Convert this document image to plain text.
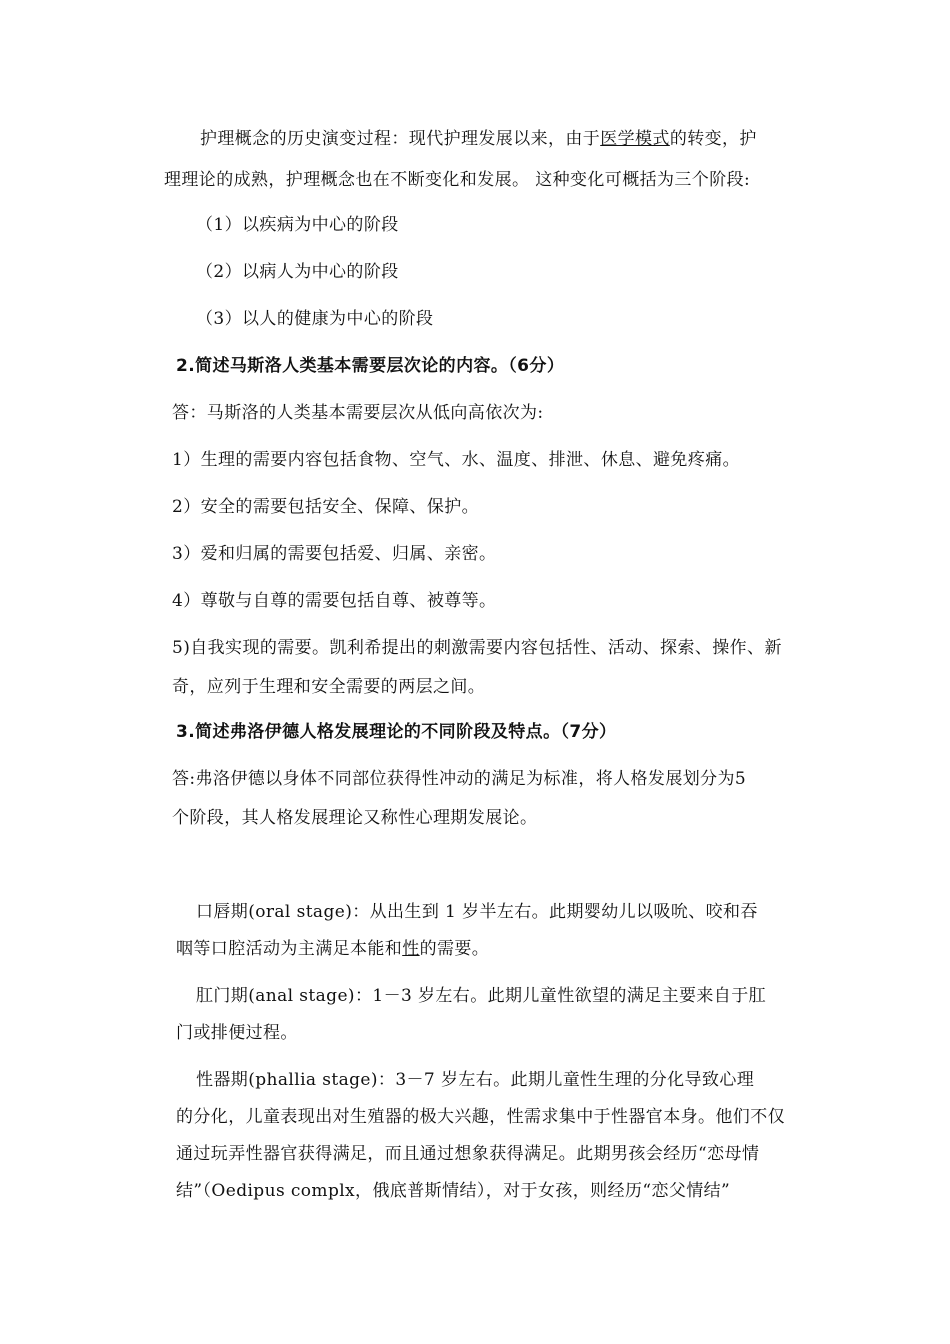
护理概念的历史演变过程：现代护理发展以来，由于医学模式的转变，护
理理论的成熟，护理概念也在不断变化和发展。 这种变化可概括为三个阶段:
（1）以疾病为中心的阶段
（2）以病人为中心的阶段
（3）以人的健康为中心的阶段
2.简述马斯洛人类基本需要层次论的内容。（6分）
答：马斯洛的人类基本需要层次从低向高依次为:
1）生理的需要内容包括食物、空气、水、温度、排泄、休息、避免疼痛。
2）安全的需要包括安全、保障、保护。
3）爱和归属的需要包括爱、归属、亲密。
4）尊敬与自尊的需要包括自尊、被尊等。
5)自我实现的需要。凯利希提出的刺激需要内容包括性、活动、探索、操作、新
奇，应列于生理和安全需要的两层之间。
3.简述弗洛伊德人格发展理论的不同阶段及特点。（7分）
答:弗洛伊德以身体不同部位获得性冲动的满足为标准，将人格发展划分为5
个阶段，其人格发展理论又称性心理期发展论。
口唇期(oral stage)：从出生到 1 岁半左右。此期婴幼儿以吸吮、咬和吞
咽等口腔活动为主满足本能和性的需要。
肛门期(anal stage)：1－3 岁左右。此期儿童性欲望的满足主要来自于肛
门或排便过程。
性器期(phallia stage)：3－7 岁左右。此期儿童性生理的分化导致心理
的分化，儿童表现出对生殖器的极大兴趣，性需求集中于性器官本身。他们不仅
通过玩弄性器官获得满足，而且通过想象获得满足。此期男孩会经历“恋母情
结”（Oedipus complx，俄底普斯情结），对于女孩，则经历“恋父情结”
